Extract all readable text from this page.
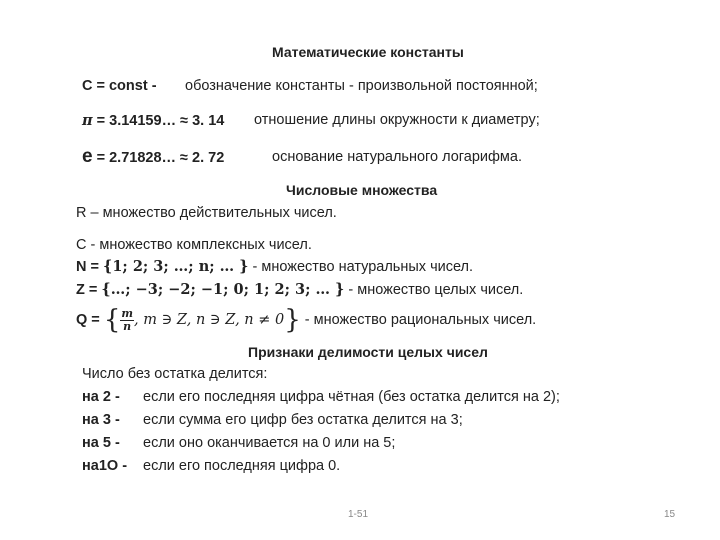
Математические константы
C = const - обозначение константы - произвольной постоянной;
π = 3.14159… ≈ 3. 14 отношение длины окружности к диаметру;
е = 2.71828… ≈ 2. 72	основание натурального логарифма.
Числовые множества
R – множество действительных чисел.
C - множество комплексных чисел.
N = {1; 2; 3; …; n; … } - множество натуральных чисел.
Z = {…; −3; −2; −1; 0; 1; 2; 3; … } - множество целых чисел.
Q = { $\frac{m}{n}$ , m ∋ Z, n ∋ Z, n ≠ 0} - множество рациональных чисел.
Признаки делимости целых чисел
Число без остатка делится:
на 2 - если его последняя цифра чётная (без остатка делится на 2);
на 3 - если сумма его цифр без остатка делится на 3;
на 5 - если оно оканчивается на 0 или на 5;
на1О - если его последняя цифра 0.
1-51	15
